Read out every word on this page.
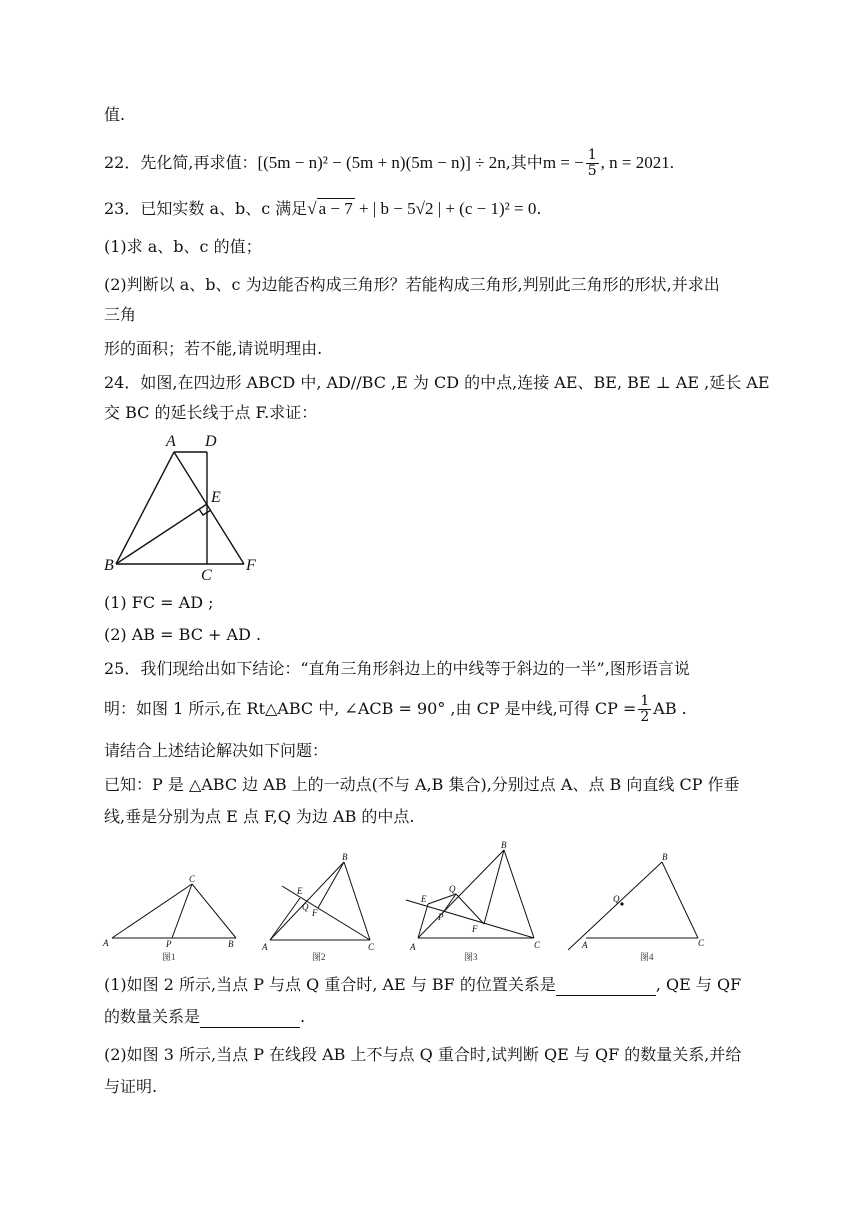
值.
22．先化简,再求值：[(5m − n)² − (5m + n)(5m − n)] ÷ 2n,其中m = − $\frac{1}{5}$ , n = 2021.
23．已知实数 a、b、c 满足√ a − 7 + | b − 5√2 | + (c − 1)² = 0.
(1)求 a、b、c 的值；
(2)判断以 a、b、c 为边能否构成三角形？若能构成三角形,判别此三角形的形状,并求出
三角
形的面积；若不能,请说明理由.
24．如图,在四边形 ABCD 中, AD//BC ,E 为 CD 的中点,连接 AE、BE, BE ⊥ AE ,延长 AE
交 BC 的延长线于点 F.求证：
A D
E
B
C
F
(1) FC = AD ;
(2) AB = BC + AD .
25．我们现给出如下结论：“直角三角形斜边上的中线等于斜边的一半”,图形语言说
明：如图 1 所示,在 Rt△ABC 中, ∠ACB = 90° ,由 CP 是中线,可得 CP = $\frac{1}{2}$ AB .
请结合上述结论解决如下问题：
已知：P 是 △ABC 边 AB 上的一动点(不与 A,B 集合),分别过点 A、点 B 向直线 CP 作垂
线,垂是分别为点 E 点 F,Q 为边 AB 的中点.
A	B
C
P	A
B
C
E
Q
F
A
B
C
E
Q
P
F
A
B
C
Q
图1	图2	图3	图4
(1)如图 2 所示,当点 P 与点 Q 重合时, AE 与 BF 的位置关系是	, QE 与 QF
的数量关系是	.
(2)如图 3 所示,当点 P 在线段 AB 上不与点 Q 重合时,试判断 QE 与 QF 的数量关系,并给
与证明.
